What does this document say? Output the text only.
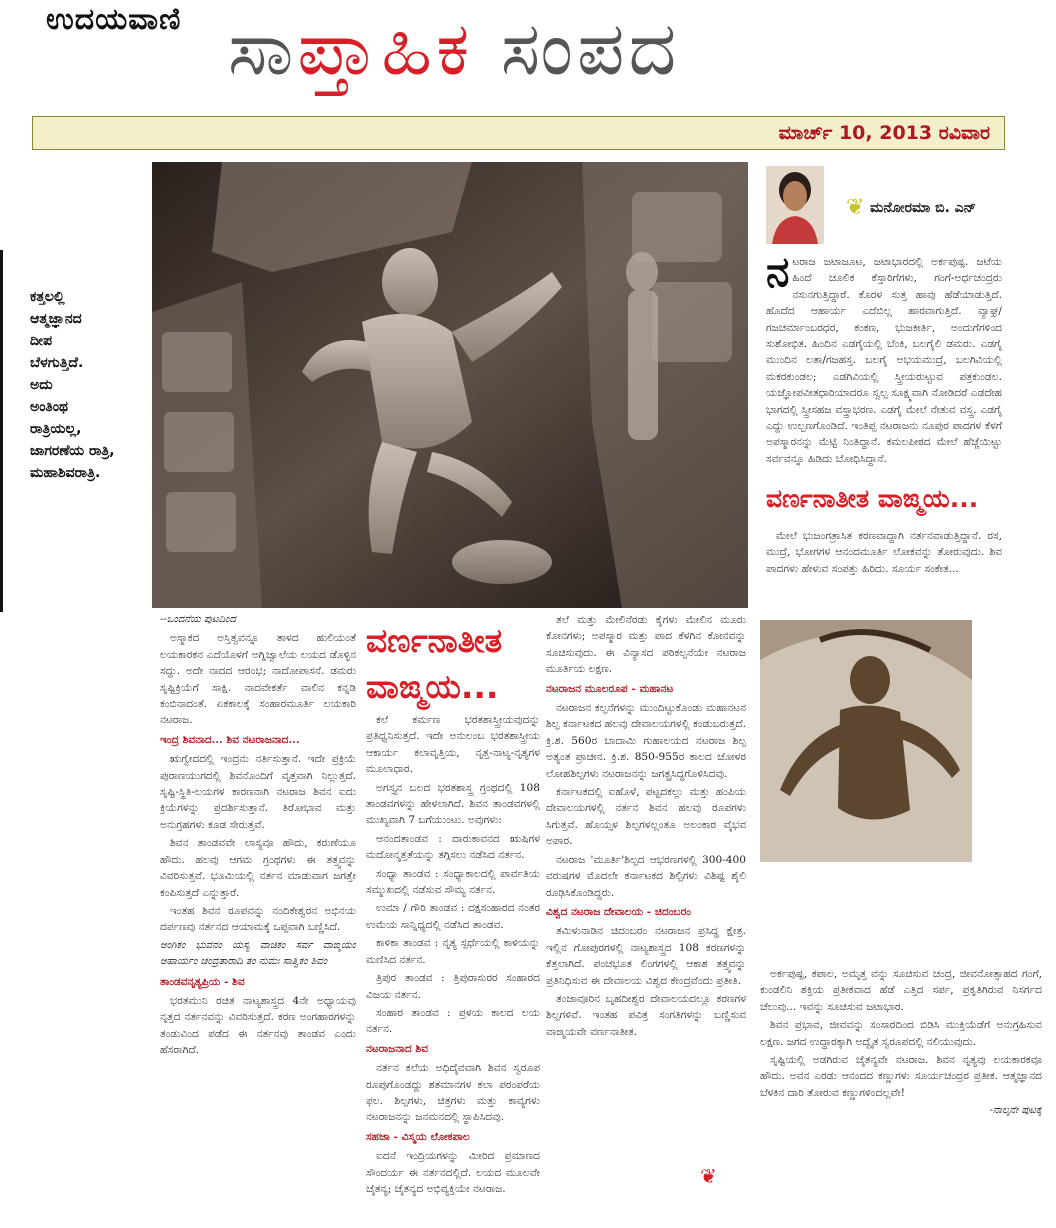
ಉದಯವಾಣಿ ಸಾಪ್ತಾಹಿಕ ಸಂಪದ
ಮಾರ್ಚ್ 10, 2013 ರವಿವಾರ
ಕತ್ತಲಲ್ಲಿ
ಆತ್ಮಜ್ಞಾನದ
ದೀಪ
ಬೆಳಗುತ್ತಿದೆ.
ಅದು
ಅಂತಿಂಥ
ರಾತ್ರಿಯಲ್ಲ,
ಜಾಗರಣೆಯ ರಾತ್ರಿ,
ಮಹಾಶಿವರಾತ್ರಿ.
❦ ಮನೋರಮಾ ಬಿ. ಎನ್
ನ ಟರಾಜ ಜಟಾಜೂಟ, ಜಟಾಭಾರದಲ್ಲಿ ಅರ್ಕಪುಷ್ಪ. ಜಟೆಯ ಹಿಂದೆ ಚೂಲಿಕ ಕೆಸ್ತಾರಿಗೆಗಳು, ಗಂಗೆ-ಅರ್ಧಚಂದ್ರರು ನಸುನಗುತ್ತಿದ್ದಾರೆ. ಕೊರಳ ಸುತ್ತ ಹಾವು ಹೆಡೆಯಾಡುತ್ತಿದೆ. ಹೊದೆದ ಆಹಾರ್ಯ ಎದೆಬಿಲ್ಲ ಹಾರವಾಗುತ್ತಿದೆ. ವ್ಯಾಘ್ರ/ಗಜಚರ್ಮಾಂಬರಧರ, ಕಂಕಣ, ಭುಜಕೀರ್ತಿ, ಅಂದುಗೆಗಳಿಂದ ಸುಶೋಭಿತ. ಹಿಂದಿನ ಎಡಗೈಯಲ್ಲಿ ಬೆಂಕಿ, ಬಲಗೈಲಿ ಡಮರು. ಎಡಗೈ ಮುಂದಿನ ಲತಾ/ಗಜಹಸ್ತ. ಬಲಗೈ ಅಭಯಮುದ್ರೆ, ಬಲಗಿವಿಯಲ್ಲಿ ಮಕರಕುಂಡಲ; ಎಡಗಿವಿಯಲ್ಲಿ ಸ್ತ್ರೀಯರುಟ್ಟುವ ಪತ್ರಕುಂಡಲ. ಯಜ್ಞೋಪವೀತಧಾರಿಯಾದರೂ ಸ್ವಲ್ಪ ಸೂಕ್ಷ್ಮವಾಗಿ ನೋಡಿದರೆ ಎಡದೇಹ ಭಾಗದಲ್ಲಿ ಸ್ತ್ರೀಸಹಜ ವಸ್ತ್ರಾಭರಣ. ಎಡಗೈ ಮೇಲೆ ನೇತುವ ವಸ್ತ್ರ. ಎಡಗೈ ಎದ್ದು ಉಲ್ಬಣಗೊಂಡಿದೆ. ಇಂತಿಪ್ಪ ನಟರಾಜನು ನೂಪುರ ಪಾದಗಳ ಕೆಳಗೆ ಅಪಸ್ಮಾರನನ್ನು ಮೆಟ್ಟಿ ನಿಂತಿದ್ದಾನೆ. ಕಮಲಪೀಠದ ಮೇಲೆ ಹೆಜ್ಜೆಯಿಟ್ಟು ಸರ್ವವನ್ನೂ ಹಿಡಿದು ಬೋಧಿಸಿದ್ದಾನೆ.
ವರ್ಣನಾತೀತ ವಾಙ್ಮಯ...

ಮೇಲೆ ಭುಜಂಗತ್ರಾಸಿತ ಕರಣವಾದ್ದಾಗಿ ನರ್ತನವಾಡುತ್ತಿದ್ದಾನೆ. ರಸ, ಮುದ್ರೆ, ಭೋಗಗಳ ಆನಂದಮೂರ್ತಿ ಲೋಕವನ್ನು ತೋರುವುದು. ಶಿವ ಪಾದಗಳು ಹೇಳುವ ಸಂಪತ್ತು ಹಿರಿದು. ಸೂರ್ಯ ಸಂಕೇತ...

--ಒಂದನೆಯ ಪುಟದಿಂದ

ಅಸ್ಮಾಕದ ಅಸ್ತಿತ್ವವನ್ನೂ ತಾಳದ ಹುಲಿಯಂತೆ ಲಯಕಾರಕನ ಎದೆಯೊಳಗೆ ಅಗ್ನಿಜ್ವಾಲೆಯ ಲಯದ ಡೊಳ್ಳಿನ ಸದ್ದು. ಅದೇ ನಾದದ ಆರಂಭ; ನಾದೋಪಾಸನೆ. ಡಮರು ಸೃಷ್ಟಿಕ್ರಿಯೆಗೆ ಸಾಕ್ಷಿ. ನಾದವೇಕರ್ತೆ ವಾಲಿನ ಕನ್ನಡಿ ಕಂಬಿನಾದಂತೆ. ಏಕಕಾಲಕ್ಕೆ ಸಂಹಾರಮೂರ್ತಿ ಲಯಕಾರಿ ನಟರಾಜ.

ಇಂದ್ರ ಶಿವನಾದ... ಶಿವ ನಟರಾಜನಾದ...

ಋಗ್ವೇದದಲ್ಲಿ ಇಂದ್ರನು ನರ್ತಿಸುತ್ತಾನೆ. ಇದೇ ಪ್ರಕ್ರಿಯೆ ಪುರಾಣಯುಗದಲ್ಲಿ ಶಿವನೊಂದಿಗೆ ವೃತ್ತವಾಗಿ ನಿಲ್ಲುತ್ತದೆ. ಸೃಷ್ಟಿ-ಸ್ಥಿತಿ-ಲಯಗಳ ಕಾರಣನಾಗಿ ನಟರಾಜ ಶಿವನ ಐದು ಕ್ರಿಯೆಗಳನ್ನು ಪ್ರದರ್ಶಿಸುತ್ತಾನೆ. ತಿರೋಭಾವ ಮತ್ತು ಅನುಗ್ರಹಗಳು ಕೂಡ ಸೇರುತ್ತವೆ.

ಶಿವನ ತಾಂಡವವೇ ಲಾಸ್ಯವೂ ಹೌದು, ಕರುಣೆಯೂ ಹೌದು. ಹಲವು ಆಗಮ ಗ್ರಂಥಗಳು ಈ ತತ್ತ್ವವನ್ನು ವಿವರಿಸುತ್ತವೆ. ಭೂಮಿಯಲ್ಲಿ ನರ್ತನ ಮಾಡುವಾಗ ಜಗತ್ತೇ ಕಂಪಿಸುತ್ತದೆ ಎನ್ನುತ್ತಾರೆ.

ಇಂತಹ ಶಿವನ ರೂಪವನ್ನು ನಂದಿಕೇಶ್ವರನ ಅಭಿನಯ ದರ್ಪಣವು ನರ್ತನದ ಆಯಾಮಕ್ಕೆ ಒಪ್ಪವಾಗಿ ಬಣ್ಣಿಸಿದೆ.

ಆಂಗಿಕಂ ಭುವನಂ ಯಸ್ಯ ವಾಚಿಕಂ ಸರ್ವ ವಾಙ್ಮಯಂ ಆಹಾರ್ಯಂ ಚಂದ್ರತಾರಾದಿ ತಂ ನುಮಃ ಸಾತ್ವಿಕಂ ಶಿವಂ

ತಾಂಡವನೃತ್ಯಪ್ರಿಯ - ಶಿವ

ಭರತಮುನಿ ರಚಿತ ನಾಟ್ಯಶಾಸ್ತ್ರದ 4ನೇ ಅಧ್ಯಾಯವು ನೃತ್ತದ ನರ್ತನವನ್ನು ವಿವರಿಸುತ್ತದೆ. ಕರಣ ಅಂಗಹಾರಗಳನ್ನು ತಂಡುವಿಂದ ಪಡೆದ ಈ ನರ್ತನವು ತಾಂಡವ ಎಂದು ಹೆಸರಾಗಿದೆ.

ವರ್ಣನಾತೀತ
ವಾಙ್ಮಯ...

ಕಲೆ ಕರ್ಮಣ ಭರತಶಾಸ್ತ್ರೀಯವುದನ್ನು ಪ್ರತಿಧ್ವನಿಸುತ್ತದೆ. ಇದೇ ಅನುಲಂಬ ಭರತಶಾಸ್ತ್ರೀಯ ಆಕಾರ್ಯ ಕಲಾವೃತ್ತಿಯ, ನೃತ್ತ-ನಾಟ್ಯ-ನೃತ್ಯಗಳ ಮೂಲಾಧಾರ.

ಅಗಸ್ತ್ಯನ ಬಲದ ಭರತಶಾಸ್ತ್ರ ಗ್ರಂಥದಲ್ಲಿ 108 ತಾಂಡವಗಳನ್ನು ಹೇಳಲಾಗಿದೆ. ಶಿವನ ತಾಂಡವಗಳಲ್ಲಿ ಮುಖ್ಯವಾಗಿ 7 ಬಗೆಯುಂಟು. ಅವುಗಳು:

ಆನಂದತಾಂಡವ : ದಾರುಕಾವನದ ಋಷಿಗಳ ಮದೋನ್ಮತ್ತತೆಯನ್ನು ತಗ್ಗಿಸಲು ನಡೆಸಿದ ನರ್ತನ.

ಸಂಧ್ಯಾ ತಾಂಡವ : ಸಂಧ್ಯಾಕಾಲದಲ್ಲಿ ಪಾರ್ವತಿಯ ಸಮ್ಮುಖದಲ್ಲಿ ನಡೆಸುವ ಸೌಮ್ಯ ನರ್ತನ.

ಉಮಾ / ಗೌರಿ ತಾಂಡವ : ದಕ್ಷಸಂಹಾರದ ನಂತರ ಉಮೆಯ ಸಾನ್ನಿಧ್ಯದಲ್ಲಿ ನಡೆಸಿದ ತಾಂಡವ.

ಕಾಳಿಕಾ ತಾಂಡವ : ನೃತ್ಯ ಸ್ಪರ್ಧೆಯಲ್ಲಿ ಕಾಳಿಯನ್ನು ಮಣಿಸಿದ ನರ್ತನ.

ತ್ರಿಪುರ ತಾಂಡವ : ತ್ರಿಪುರಾಸುರರ ಸಂಹಾರದ ವಿಜಯ ನರ್ತನ.

ಸಂಹಾರ ತಾಂಡವ : ಪ್ರಳಯ ಕಾಲದ ಲಯ ನರ್ತನ.

ನಟರಾಜನಾದ ಶಿವ

ನರ್ತನ ಕಲೆಯ ಅಧಿದೈವವಾಗಿ ಶಿವನ ಸ್ವರೂಪ ರೂಪುಗೊಂಡದ್ದು ಶತಮಾನಗಳ ಕಲಾ ಪರಂಪರೆಯ ಫಲ. ಶಿಲ್ಪಗಳು, ಚಿತ್ರಗಳು ಮತ್ತು ಕಾವ್ಯಗಳು ನಟರಾಜನನ್ನು ಜನಮನದಲ್ಲಿ ಸ್ಥಾಪಿಸಿದವು.

ಸಹಜಾ - ವಿಸ್ಮಯ ಲೋಕಪಾಲ

ಐದನೆ ಇಂದ್ರಿಯಗಳನ್ನು ಮೀರಿದ ಪ್ರಮಾಣದ ಸೌಂದರ್ಯ ಈ ನರ್ತನದಲ್ಲಿದೆ. ಲಯದ ಮೂಲವೇ ಚೈತನ್ಯ; ಚೈತನ್ಯದ ಅಭಿವ್ಯಕ್ತಿಯೇ ನಟರಾಜ.

ತಲೆ ಮತ್ತು ಮೇಲಿನೆರಡು ಕೈಗಳು ಮೇಲಿನ ಮೂರು ಕೋನಗಳು; ಅಪಸ್ಮಾರ ಮತ್ತು ಪಾದ ಕೆಳಗಿನ ಕೋನವನ್ನು ಸೂಚಿಸುವುದು. ಈ ವಿನ್ಯಾಸದ ಪರಿಕಲ್ಪನೆಯೇ ನಟರಾಜ ಮೂರ್ತಿಯ ಲಕ್ಷಣ.

ನಟರಾಜನ ಮೂಲರೂಪ - ಮಹಾನಟ

ನಟರಾಜನ ಕಲ್ಪನೆಗಳನ್ನು ಮುಂದಿಟ್ಟುಕೊಂಡು ಮಹಾನಟನ ಶಿಲ್ಪ ಕರ್ನಾಟಕದ ಹಲವು ದೇವಾಲಯಗಳಲ್ಲಿ ಕಂಡುಬರುತ್ತದೆ. ಕ್ರಿ.ಶ. 560ರ ಬಾದಾಮಿ ಗುಹಾಲಯದ ನಟರಾಜ ಶಿಲ್ಪ ಅತ್ಯಂತ ಪ್ರಾಚೀನ. ಕ್ರಿ.ಶ. 850-955ರ ಕಾಲದ ಚೋಳರ ಲೋಹಶಿಲ್ಪಗಳು ನಟರಾಜನನ್ನು ಜಗತ್ಪ್ರಸಿದ್ಧಗೊಳಿಸಿದವು.

ಕರ್ನಾಟಕದಲ್ಲಿ ಐಹೊಳೆ, ಪಟ್ಟದಕಲ್ಲು ಮತ್ತು ಹಂಪಿಯ ದೇವಾಲಯಗಳಲ್ಲಿ ನರ್ತನ ಶಿವನ ಹಲವು ರೂಪಗಳು ಸಿಗುತ್ತವೆ. ಹೊಯ್ಸಳ ಶಿಲ್ಪಗಳಲ್ಲಂತೂ ಅಲಂಕಾರ ವೈಭವ ಅಪಾರ.

ನಟರಾಜ 'ಮೂರ್ತಿ'ಶಿಲ್ಪದ ಆಭರಣಗಳಲ್ಲಿ 300-400 ವರುಷಗಳ ಮೊದಲೇ ಕರ್ನಾಟಕದ ಶಿಲ್ಪಿಗಳು ವಿಶಿಷ್ಟ ಶೈಲಿ ರೂಢಿಸಿಕೊಂಡಿದ್ದರು.

ವಿಶ್ವದ ನಟರಾಜ ದೇವಾಲಯ - ಚಿದಂಬರಂ

ತಮಿಳುನಾಡಿನ ಚಿದಂಬರಂ ನಟರಾಜನ ಪ್ರಸಿದ್ಧ ಕ್ಷೇತ್ರ. ಇಲ್ಲಿನ ಗೋಪುರಗಳಲ್ಲಿ ನಾಟ್ಯಶಾಸ್ತ್ರದ 108 ಕರಣಗಳನ್ನು ಕೆತ್ತಲಾಗಿದೆ. ಪಂಚಭೂತ ಲಿಂಗಗಳಲ್ಲಿ ಆಕಾಶ ತತ್ತ್ವವನ್ನು ಪ್ರತಿನಿಧಿಸುವ ಈ ದೇವಾಲಯ ವಿಶ್ವದ ಕೇಂದ್ರವೆಂದು ಪ್ರತೀತಿ.

ತಂಜಾವೂರಿನ ಬೃಹದೀಶ್ವರ ದೇವಾಲಯದಲ್ಲೂ ಕರಣಗಳ ಶಿಲ್ಪಗಳಿವೆ. ಇಂತಹ ಪವಿತ್ರ ಸಂಗತಿಗಳನ್ನು ಬಣ್ಣಿಸುವ ವಾಙ್ಮಯವೇ ವರ್ಣನಾತೀತ.

ಅರ್ಕಪುಷ್ಪ, ಕಪಾಲ, ಅಮೃತ್ತ ವನ್ನು ಸೂಚಿಸುವ ಚಂದ್ರ, ಜೀವನೋತ್ಸಾಹದ ಗಂಗೆ, ಕುಂಡಲಿನಿ ಶಕ್ತಿಯ ಪ್ರತೀಕವಾದ ಹೆಡೆ ಎತ್ತಿದ ಸರ್ಪ, ಪ್ರಕೃತಿಗಿರುವ ನಿಸರ್ಗದ ಚೆಲುವು... ಇವನ್ನು ಸೂಚಿಸುವ ಜಟಾಭಾರ.

ಶಿವನ ಪ್ರಭಾವ, ಜೀವವನ್ನು ಸಂಸಾರದಿಂದ ಬಿಡಿಸಿ ಮುಕ್ತಿಯೆಡೆಗೆ ಅನುಗ್ರಹಿಸುವ ಲಕ್ಷಣ. ಜಗದ ಉದ್ಧಾರಕ್ಕಾಗಿ ಅದ್ವೈತ ಸ್ವರೂಪದಲ್ಲಿ ನಲಿಯುವುದು.

ಸೃಷ್ಟಿಯಲ್ಲಿ ಅಡಗಿರುವ ಚೈತನ್ಯವೇ ನಟರಾಜ. ಶಿವನ ನೃತ್ಯವು ಲಯಕಾರಕವೂ ಹೌದು. ಅವನ ಎರಡು ಆನಂದದ ಕಣ್ಣುಗಳು ಸೂರ್ಯಚಂದ್ರರ ಪ್ರತೀಕ. ಆತ್ಮಜ್ಞಾನದ ಬೆಳಕಿನ ದಾರಿ ತೋರುವ ಕಣ್ಣುಗಳಿಂದಲ್ಲವೇ!

-ನಾಲ್ಕನೇ ಪುಟಕ್ಕೆ

❦
